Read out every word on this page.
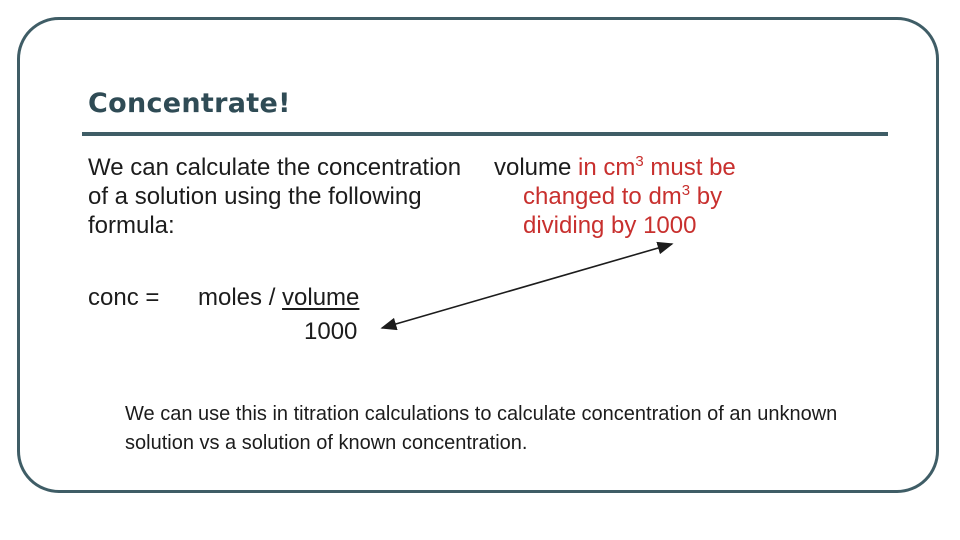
Concentrate!
We can calculate the concentration of a solution using the following formula:
conc = moles / volume
1000
volume in $cm^3$ must be
changed to $dm^3$ by
dividing by 1000
We can use this in titration calculations to calculate concentration of an unknown solution vs a solution of known concentration.
